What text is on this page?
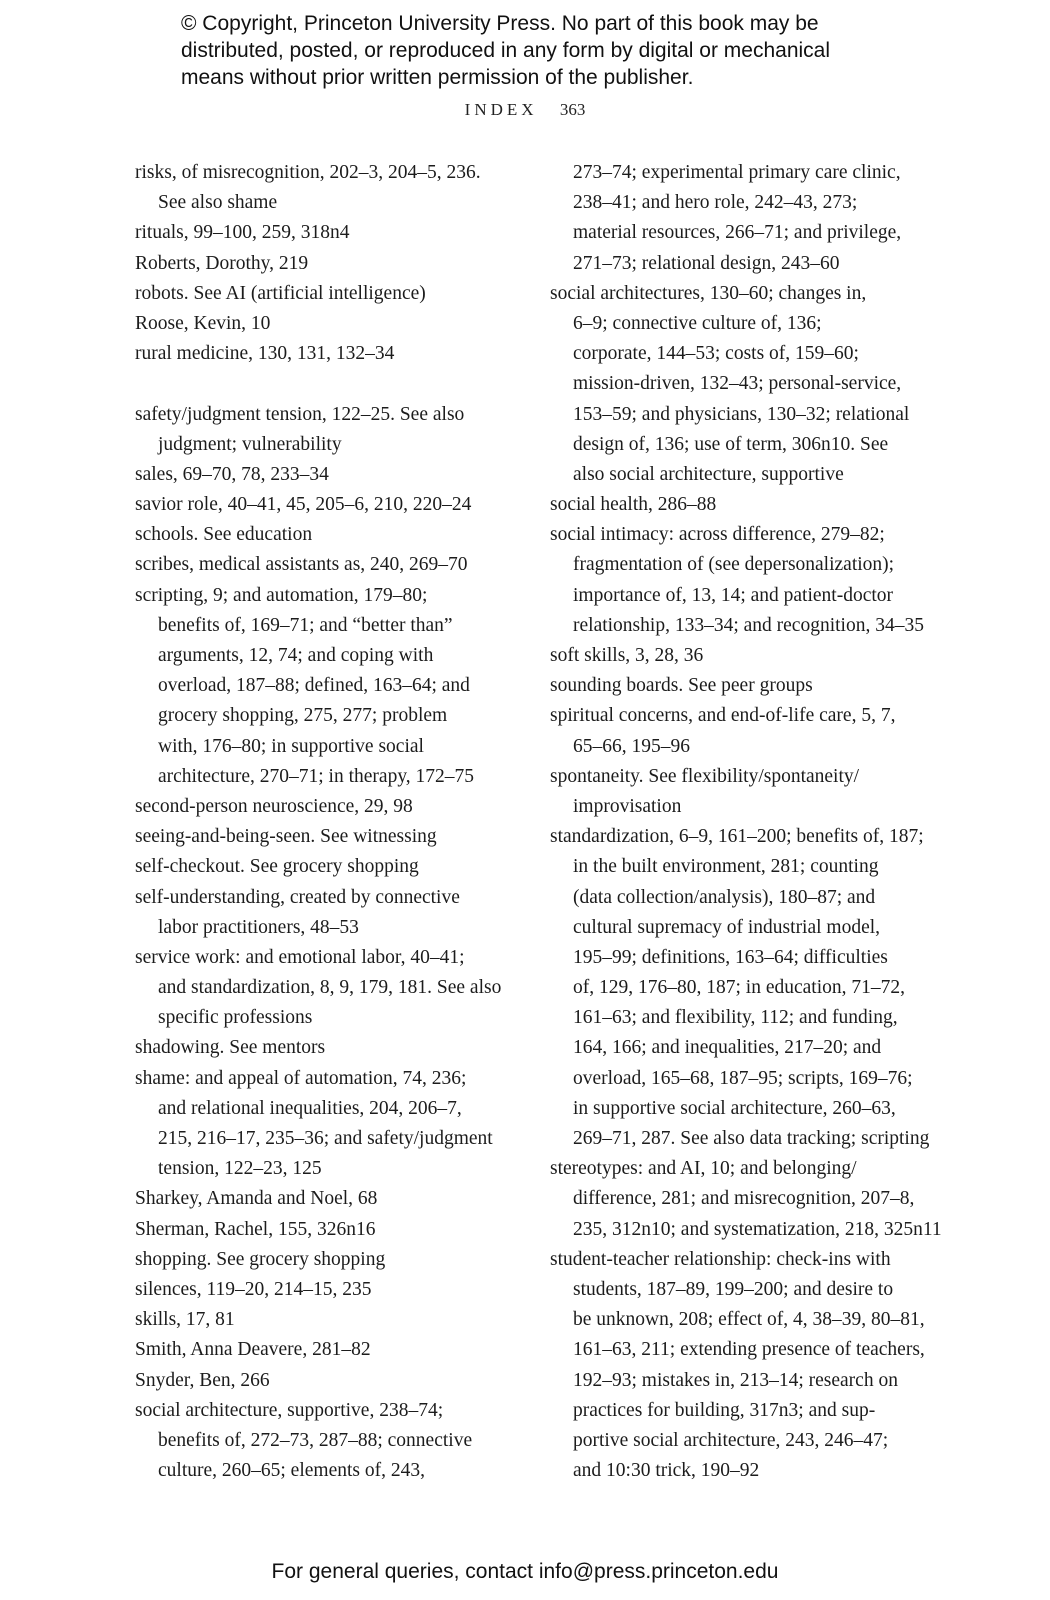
© Copyright, Princeton University Press. No part of this book may be
distributed, posted, or reproduced in any form by digital or mechanical
means without prior written permission of the publisher.
INDEX 363
risks, of misrecognition, 202–3, 204–5, 236.
See also shame
rituals, 99–100, 259, 318n4
Roberts, Dorothy, 219
robots. See AI (artificial intelligence)
Roose, Kevin, 10
rural medicine, 130, 131, 132–34
safety/judgment tension, 122–25. See also
judgment; vulnerability
sales, 69–70, 78, 233–34
savior role, 40–41, 45, 205–6, 210, 220–24
schools. See education
scribes, medical assistants as, 240, 269–70
scripting, 9; and automation, 179–80;
benefits of, 169–71; and “better than”
arguments, 12, 74; and coping with
overload, 187–88; defined, 163–64; and
grocery shopping, 275, 277; problem
with, 176–80; in supportive social
architecture, 270–71; in therapy, 172–75
second-person neuroscience, 29, 98
seeing-and-being-seen. See witnessing
self-checkout. See grocery shopping
self-understanding, created by connective
labor practitioners, 48–53
service work: and emotional labor, 40–41;
and standardization, 8, 9, 179, 181. See also
specific professions
shadowing. See mentors
shame: and appeal of automation, 74, 236;
and relational inequalities, 204, 206–7,
215, 216–17, 235–36; and safety/judgment
tension, 122–23, 125
Sharkey, Amanda and Noel, 68
Sherman, Rachel, 155, 326n16
shopping. See grocery shopping
silences, 119–20, 214–15, 235
skills, 17, 81
Smith, Anna Deavere, 281–82
Snyder, Ben, 266
social architecture, supportive, 238–74;
benefits of, 272–73, 287–88; connective
culture, 260–65; elements of, 243,
273–74; experimental primary care clinic,
238–41; and hero role, 242–43, 273;
material resources, 266–71; and privilege,
271–73; relational design, 243–60
social architectures, 130–60; changes in,
6–9; connective culture of, 136;
corporate, 144–53; costs of, 159–60;
mission-driven, 132–43; personal-service,
153–59; and physicians, 130–32; relational
design of, 136; use of term, 306n10. See
also social architecture, supportive
social health, 286–88
social intimacy: across difference, 279–82;
fragmentation of (see depersonalization);
importance of, 13, 14; and patient-doctor
relationship, 133–34; and recognition, 34–35
soft skills, 3, 28, 36
sounding boards. See peer groups
spiritual concerns, and end-of-life care, 5, 7,
65–66, 195–96
spontaneity. See flexibility/spontaneity/
improvisation
standardization, 6–9, 161–200; benefits of, 187;
in the built environment, 281; counting
(data collection/analysis), 180–87; and
cultural supremacy of industrial model,
195–99; definitions, 163–64; difficulties
of, 129, 176–80, 187; in education, 71–72,
161–63; and flexibility, 112; and funding,
164, 166; and inequalities, 217–20; and
overload, 165–68, 187–95; scripts, 169–76;
in supportive social architecture, 260–63,
269–71, 287. See also data tracking; scripting
stereotypes: and AI, 10; and belonging/
difference, 281; and misrecognition, 207–8,
235, 312n10; and systematization, 218, 325n11
student-teacher relationship: check-ins with
students, 187–89, 199–200; and desire to
be unknown, 208; effect of, 4, 38–39, 80–81,
161–63, 211; extending presence of teachers,
192–93; mistakes in, 213–14; research on
practices for building, 317n3; and sup-
portive social architecture, 243, 246–47;
and 10:30 trick, 190–92
For general queries, contact info@press.princeton.edu
